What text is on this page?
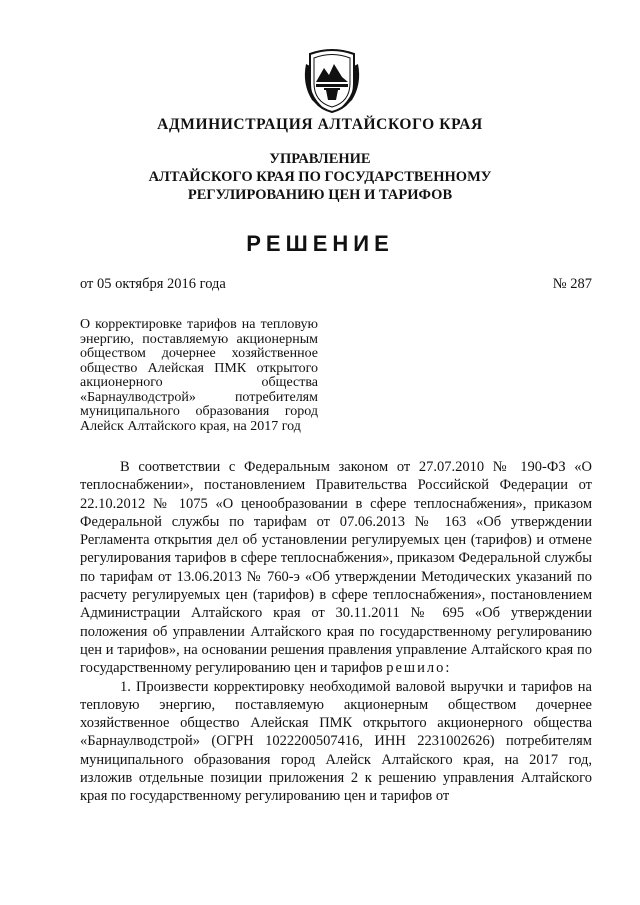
АДМИНИСТРАЦИЯ АЛТАЙСКОГО КРАЯ
УПРАВЛЕНИЕ
АЛТАЙСКОГО КРАЯ ПО ГОСУДАРСТВЕННОМУ
РЕГУЛИРОВАНИЮ ЦЕН И ТАРИФОВ
РЕШЕНИЕ
от 05 октября 2016 года	№ 287
О корректировке тарифов на тепловую энергию, поставляемую акционерным обществом дочернее хозяйственное общество Алейская ПМК открытого акционерного общества «Барнаулводстрой» потребителям муниципального образования город Алейск Алтайского края, на 2017 год

В соответствии с Федеральным законом от 27.07.2010 № 190-ФЗ «О теплоснабжении», постановлением Правительства Российской Федерации от 22.10.2012 № 1075 «О ценообразовании в сфере теплоснабжения», приказом Федеральной службы по тарифам от 07.06.2013 № 163 «Об утверждении Регламента открытия дел об установлении регулируемых цен (тарифов) и отмене регулирования тарифов в сфере теплоснабжения», приказом Федеральной службы по тарифам от 13.06.2013 № 760-э «Об утверждении Методических указаний по расчету регулируемых цен (тарифов) в сфере теплоснабжения», постановлением Администрации Алтайского края от 30.11.2011 № 695 «Об утверждении положения об управлении Алтайского края по государственному регулированию цен и тарифов», на основании решения правления управление Алтайского края по государственному регулированию цен и тарифов решило:

1. Произвести корректировку необходимой валовой выручки и тарифов на тепловую энергию, поставляемую акционерным обществом дочернее хозяйственное общество Алейская ПМК открытого акционерного общества «Барнаулводстрой» (ОГРН 1022200507416, ИНН 2231002626) потребителям муниципального образования город Алейск Алтайского края, на 2017 год, изложив отдельные позиции приложения 2 к решению управления Алтайского края по государственному регулированию цен и тарифов от
